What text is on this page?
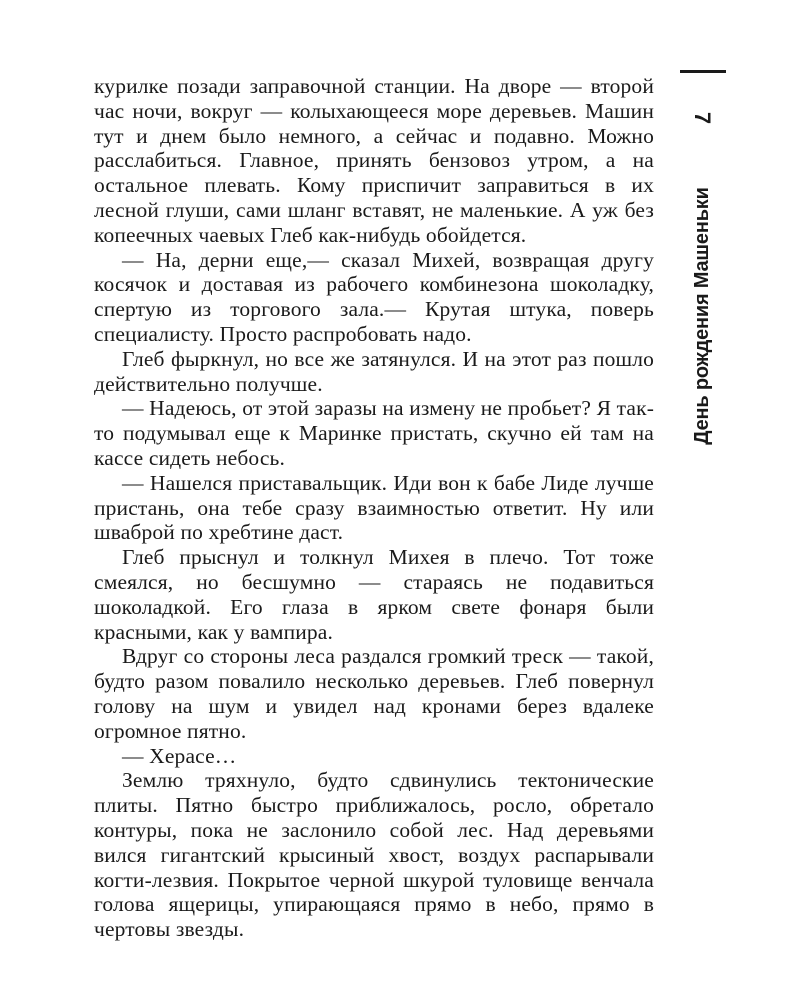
7
День рождения Машеньки

курилке позади заправочной станции. На дворе — второй час ночи, вокруг — колыхающееся море деревьев. Машин тут и днем было немного, а сейчас и подавно. Можно расслабиться. Главное, принять бензовоз утром, а на остальное плевать. Кому приспичит заправиться в их лесной глуши, сами шланг вставят, не маленькие. А уж без копеечных чаевых Глеб как-нибудь обойдется.

— На, дерни еще,— сказал Михей, возвращая другу косячок и доставая из рабочего комбинезона шоколадку, спертую из торгового зала.— Крутая штука, поверь специалисту. Просто распробовать надо.

Глеб фыркнул, но все же затянулся. И на этот раз пошло действительно получше.

— Надеюсь, от этой заразы на измену не пробьет? Я так-то подумывал еще к Маринке пристать, скучно ей там на кассе сидеть небось.

— Нашелся приставальщик. Иди вон к бабе Лиде лучше пристань, она тебе сразу взаимностью ответит. Ну или шваброй по хребтине даст.

Глеб прыснул и толкнул Михея в плечо. Тот тоже смеялся, но бесшумно — стараясь не подавиться шоколадкой. Его глаза в ярком свете фонаря были красными, как у вампира.

Вдруг со стороны леса раздался громкий треск — такой, будто разом повалило несколько деревьев. Глеб повернул голову на шум и увидел над кронами берез вдалеке огромное пятно.

— Херасе…

Землю тряхнуло, будто сдвинулись тектонические плиты. Пятно быстро приближалось, росло, обретало контуры, пока не заслонило собой лес. Над деревьями вился гигантский крысиный хвост, воздух распарывали когти-лезвия. Покрытое черной шкурой туловище венчала голова ящерицы, упирающаяся прямо в небо, прямо в чертовы звезды.
